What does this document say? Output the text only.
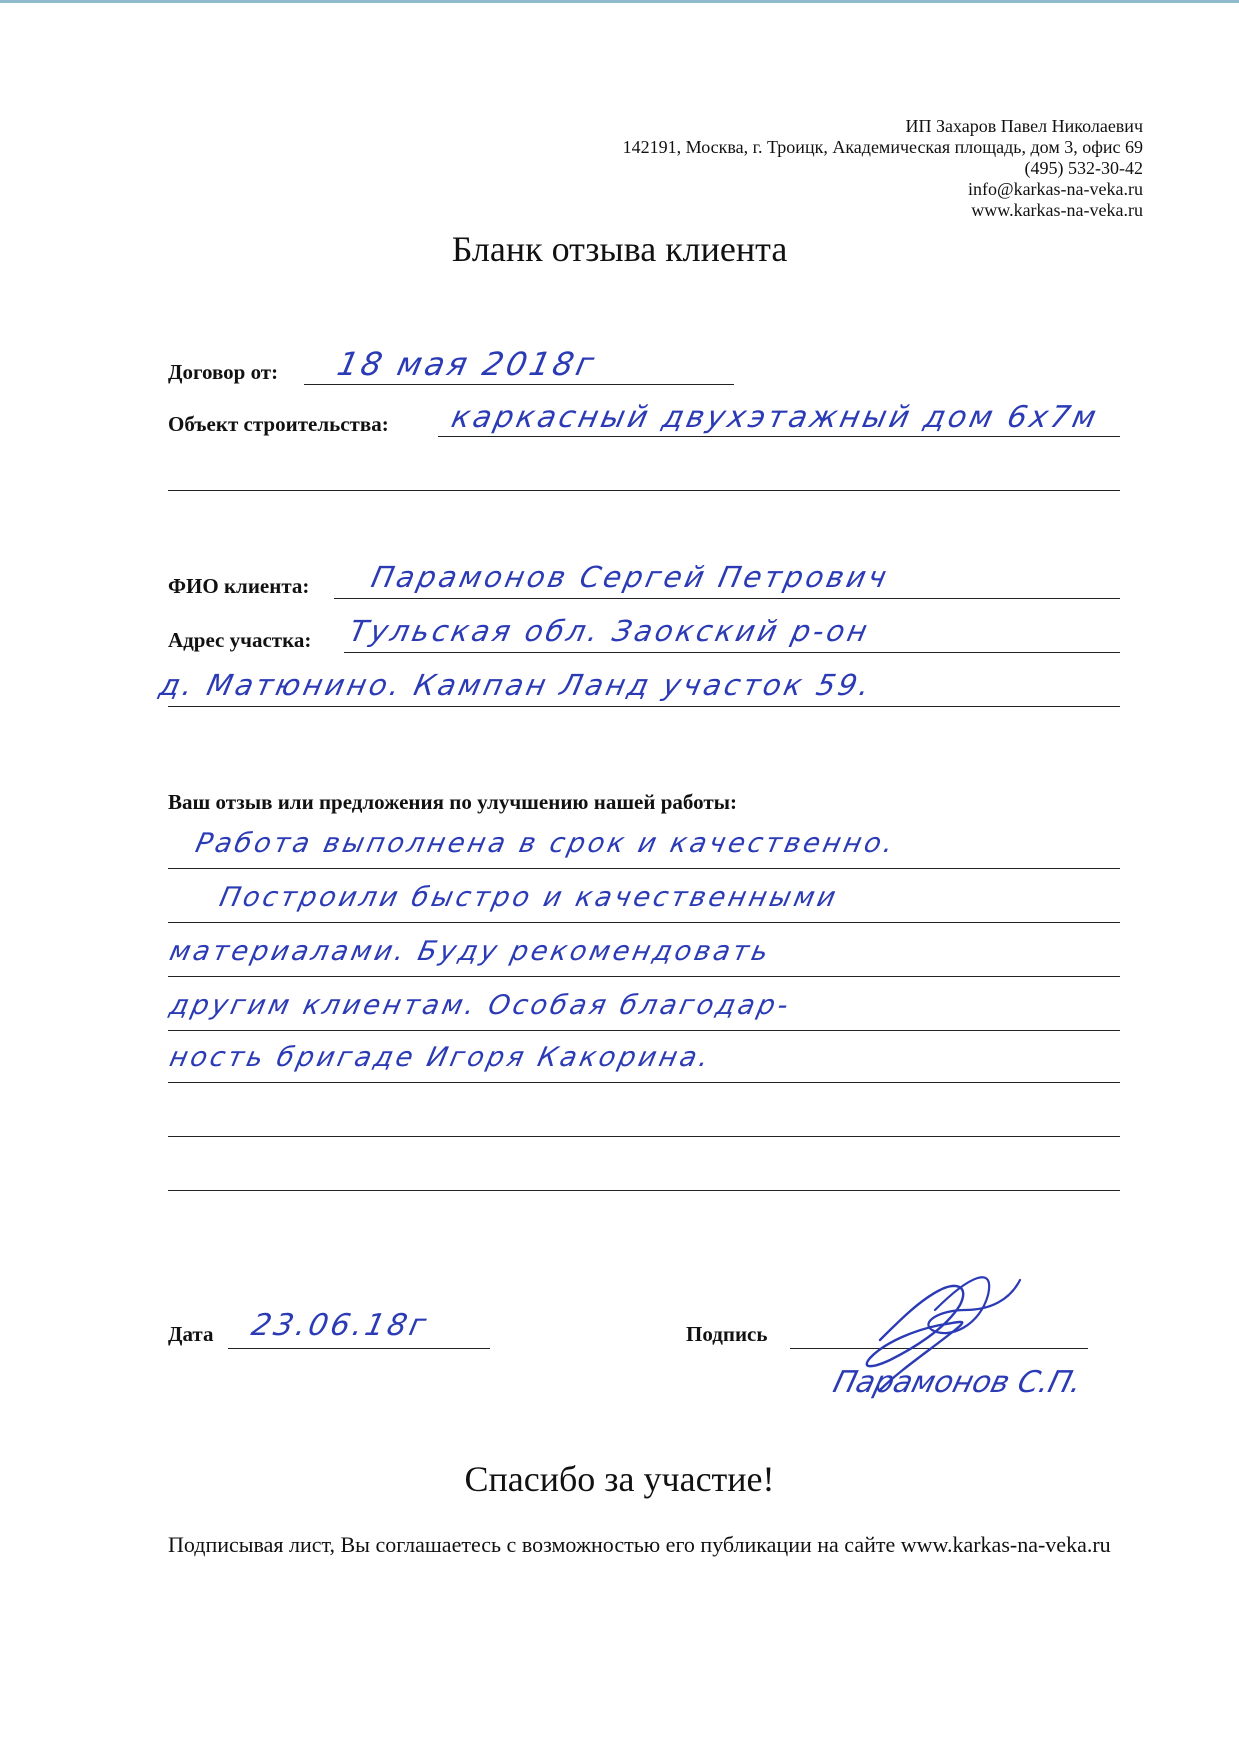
ИП Захаров Павел Николаевич
142191, Москва, г. Троицк, Академическая площадь, дом 3, офис 69
(495) 532-30-42
info@karkas-na-veka.ru
www.karkas-na-veka.ru
Бланк отзыва клиента
Договор от: 18 мая 2018г
Объект строительства: каркасный двухэтажный дом 6х7м
ФИО клиента: Парамонов Сергей Петрович
Адрес участка: Тульская обл. Заокский р-он
д. Матюнино. Кампан Ланд участок 59.
Ваш отзыв или предложения по улучшению нашей работы:
Работа выполнена в срок и качественно.
Построили быстро и качественными
материалами. Буду рекомендовать
другим клиентам. Особая благодар-
ность бригаде Игоря Какорина.
Дата 23.06.18г	Подпись
Парамонов С.П.
Спасибо за участие!
Подписывая лист, Вы соглашаетесь с возможностью его публикации на сайте www.karkas-na-veka.ru
